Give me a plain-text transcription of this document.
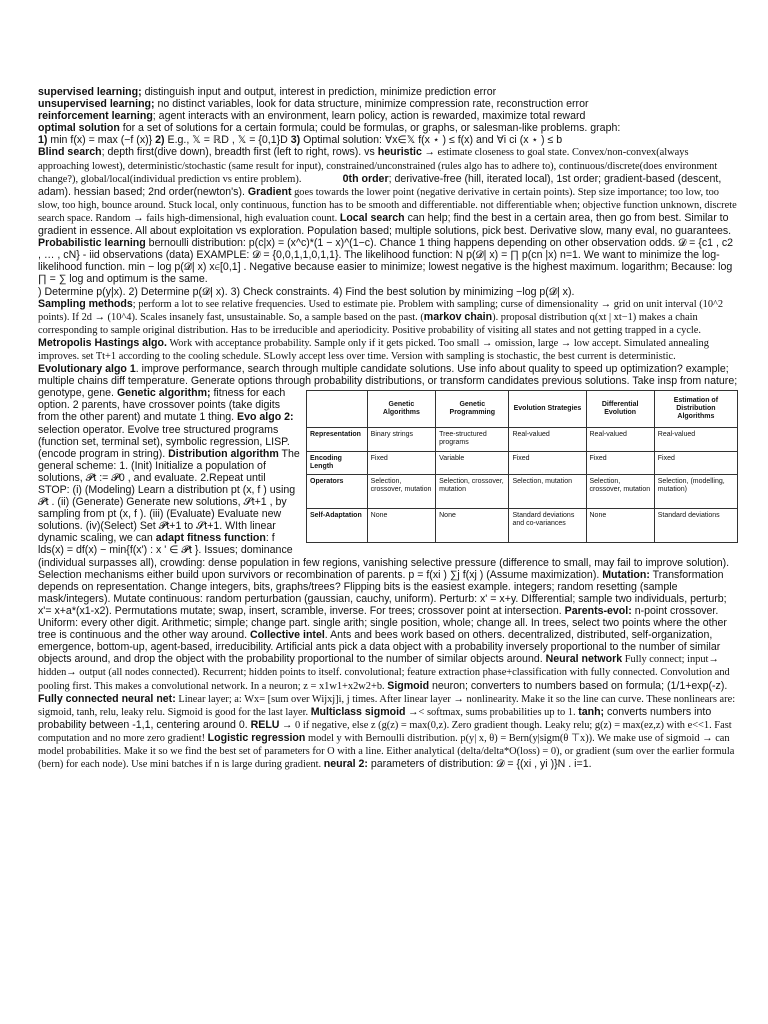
supervised learning; distinguish input and output, interest in prediction, minimize prediction error

unsupervised learning; no distinct variables, look for data structure, minimize compression rate, reconstruction error

reinforcement learning; agent interacts with an environment, learn policy, action is rewarded, maximize total reward

optimal solution for a set of solutions for a certain formula; could be formulas, or graphs, or salesman-like problems. graph:

1) min f(x) = max (−f (x)} 2) E.g., 𝕏 = ℝD , 𝕏 = {0,1}D 3) Optimal solution: ∀x∈𝕏 f(x ⋆ ) ≤ f(x) and ∀i ci (x ⋆ ) ≤ b

Blind search; depth first(dive down), breadth first (left to right, rows). vs heuristic → estimate closeness to goal state. Convex/non-convex(always approaching lowest), deterministic/stochastic (same result for input), constrained/unconstrained (rules algo has to adhere to), continuous/discrete(does environment change?), global/local(individual prediction vs entire problem).	0th order; derivative-free (hill, iterated local), 1st order; gradient-based (descent, adam). hessian based; 2nd order(newton's). Gradient goes towards the lower point (negative derivative in certain points). Step size importance; too low, too slow, too high, bounce around. Stuck local, only continuous, function has to be smooth and differentiable. not differentiable when; objective function unknown, discrete search space. Random → fails high-dimensional, high evaluation count. Local search can help; find the best in a certain area, then go from best. Similar to gradient in essence. All about exploitation vs exploration. Population based; multiple solutions, pick best. Derivative slow, many eval, no guarantees. Probabilistic learning bernoulli distribution: p(c|x) = (x^c)*(1 − x)^(1−c). Chance 1 thing happens depending on other observation odds. 𝓓 = {c1 , c2 , … , cN} - iid observations (data) EXAMPLE: 𝓓 = {0,0,1,1,0,1,1}. The likelihood function: N p(𝓓| x) = ∏ p(cn |x) n=1. We want to minimize the log-likelihood function. min − log p(𝓓| x) x∈[0,1] . Negative because easier to minimize; lowest negative is the highest maximum. logarithm; Because: log ∏ = ∑ log and optimum is the same.

) Determine p(y|x). 2) Determine p(𝓓| x). 3) Check constraints. 4) Find the best solution by minimizing −log p(𝓓| x).

Sampling methods; perform a lot to see relative frequencies. Used to estimate pie. Problem with sampling; curse of dimensionality → grid on unit interval (10^2 points). If 2d → (10^4). Scales insanely fast, unsustainable. So, a sample based on the past. (markov chain). proposal distribution q(xt | xt−1) makes a chain corresponding to sample original distribution. Has to be irreducible and aperiodicity. Positive probability of visiting all states and not getting trapped in a cycle. Metropolis Hastings algo. Work with acceptance probability. Sample only if it gets picked. Too small → omission, large → low accept. Simulated annealing improves. set Tt+1 according to the cooling schedule. SLowly accept less over time. Version with sampling is stochastic, the best current is deterministic. Evolutionary algo 1. improve performance, search through multiple candidate solutions. Use info about quality to speed up optimization? example; multiple chains diff temperature. Generate options through probability distributions, or transform candidates previous solutions. Take insp from nature; genotype, gene.
	Genetic Algorithms	Genetic Programming	Evolution Strategies	Differential Evolution	Estimation of Distribution Algorithms
Representation	Binary strings	Tree-structured programs	Real-valued	Real-valued	Real-valued
Encoding Length	Fixed	Variable	Fixed	Fixed	Fixed
Operators	Selection, crossover, mutation	Selection, crossover, mutation	Selection, mutation	Selection, crossover, mutation	Selection, (modelling, mutation)
Self-Adaptation	None	None	Standard deviations and co-variances	None	Standard deviations
Genetic algorithm; fitness for each option. 2 parents, have crossover points (take digits from the other parent) and mutate 1 thing. Evo algo 2: selection operator. Evolve tree structured programs (function set, terminal set), symbolic regression, LISP. (encode program in string). Distribution algorithm The general scheme: 1. (Init) Initialize a population of solutions, 𝓟t := 𝓟0 , and evaluate. 2.Repeat until STOP: (i) (Modeling) Learn a distribution pt (x, f ) using 𝓟t . (ii) (Generate) Generate new solutions, 𝓢t+1 , by sampling from pt (x, f ). (iii) (Evaluate) Evaluate new solutions. (iv)(Select) Set 𝓟t+1 to 𝓢t+1. WIth linear dynamic scaling, we can adapt fitness function: f lds(x) = df(x) − min{f(x') : x ' ∈ 𝓟t }. Issues; dominance (individual surpasses all), crowding: dense population in few regions, vanishing selective pressure (difference to small, may fail to improve solution). Selection mechanisms either build upon survivors or recombination of parents. p = f(xi ) ∑j f(xj ) (Assume maximization). Mutation: Transformation depends on representation. Change integers, bits, graphs/trees? Flipping bits is the easiest example. integers; random resetting (sample mask/integers). Mutate continuous: random perturbation (gaussian, cauchy, uniform). Perturb: x' = x+y. DIfferential; sample two individuals, perturb; x'= x+a*(x1-x2). Permutations mutate; swap, insert, scramble, inverse. For trees; crossover point at intersection. Parents-evol: n-point crossover. Uniform: every other digit. Arithmetic; simple; change part. single arith; single position, whole; change all. In trees, select two points where the other tree is continuous and the other way around. Collective intel. Ants and bees work based on others. decentralized, distributed, self-organization, emergence, bottom-up, agent-based, irreducibility. Artificial ants pick a data object with a probability inversely proportional to the number of similar objects around, and drop the object with the probability proportional to the number of similar objects around. Neural network Fully connect; input→ hidden→ output (all nodes connected). Recurrent; hidden points to itself. convolutional; feature extraction phase+classification with fully connected. Convolution and pooling first. This makes a convolutional network. In a neuron; z = x1w1+x2w2+b. Sigmoid neuron; converters to numbers based on formula; (1/1+exp(-z). Fully connected neural net: Linear layer; a: Wx= [sum over Wijxj]i, j times. After linear layer → nonlinearity. Make it so the line can curve. These nonlinears are: sigmoid, tanh, relu, leaky relu. Sigmoid is good for the last layer. Multiclass sigmoid →< softmax, sums probabilities up to 1. tanh; converts numbers into probability between -1,1, centering around 0. RELU → 0 if negative, else z (g(z) = max(0,z). Zero gradient though. Leaky relu; g(z) = max(ez,z) with e<<1. Fast computation and no more zero gradient! Logistic regression model y with Bernoulli distribution. p(y| x, θ) = Bern(y|sigm(θ ⊤x)). We make use of sigmoid → can model probabilities. Make it so we find the best set of parameters for O with a line. Either analytical (delta/delta*O(loss) = 0), or gradient (sum over the earlier formula (bern) for each node). Use mini batches if n is large during gradient. neural 2: parameters of distribution: 𝓓 = {(xi , yi )}N . i=1.
